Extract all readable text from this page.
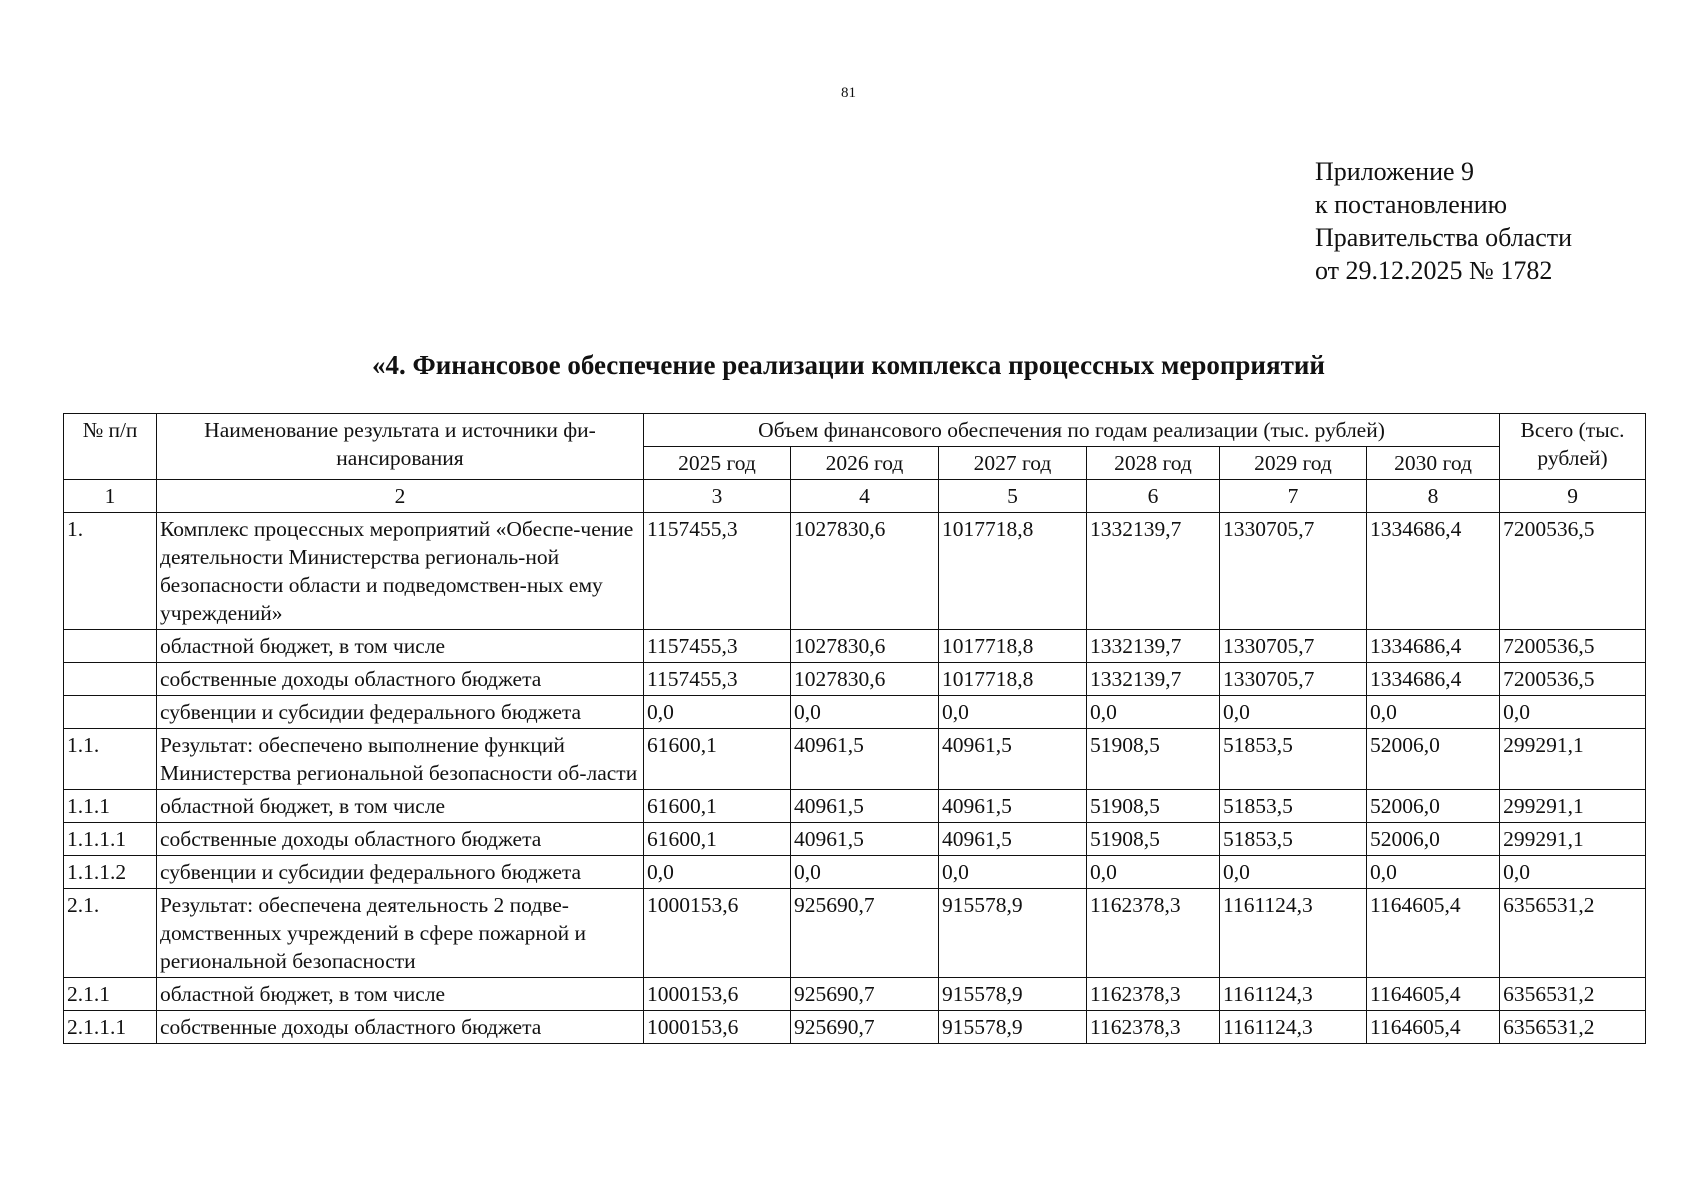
81
Приложение 9
к постановлению
Правительства области
от 29.12.2025 № 1782
«4. Финансовое обеспечение реализации комплекса процессных мероприятий
№ п/п	Наименование результата и источники фи-нансирования	Объем финансового обеспечения по годам реализации (тыс. рублей)						Всего (тыс. рублей)
		2025 год	2026 год	2027 год	2028 год	2029 год	2030 год	
1	2	3	4	5	6	7	8	9
1.	Комплекс процессных мероприятий «Обеспе-чение деятельности Министерства региональ-ной безопасности области и подведомствен-ных ему учреждений»	1157455,3	1027830,6	1017718,8	1332139,7	1330705,7	1334686,4	7200536,5
	областной бюджет, в том числе	1157455,3	1027830,6	1017718,8	1332139,7	1330705,7	1334686,4	7200536,5
	собственные доходы областного бюджета	1157455,3	1027830,6	1017718,8	1332139,7	1330705,7	1334686,4	7200536,5
	субвенции и субсидии федерального бюджета	0,0	0,0	0,0	0,0	0,0	0,0	0,0
1.1.	Результат: обеспечено выполнение функций Министерства региональной безопасности об-ласти	61600,1	40961,5	40961,5	51908,5	51853,5	52006,0	299291,1
1.1.1	областной бюджет, в том числе	61600,1	40961,5	40961,5	51908,5	51853,5	52006,0	299291,1
1.1.1.1	собственные доходы областного бюджета	61600,1	40961,5	40961,5	51908,5	51853,5	52006,0	299291,1
1.1.1.2	субвенции и субсидии федерального бюджета	0,0	0,0	0,0	0,0	0,0	0,0	0,0
2.1.	Результат: обеспечена деятельность 2 подве-домственных учреждений в сфере пожарной и региональной безопасности	1000153,6	925690,7	915578,9	1162378,3	1161124,3	1164605,4	6356531,2
2.1.1	областной бюджет, в том числе	1000153,6	925690,7	915578,9	1162378,3	1161124,3	1164605,4	6356531,2
2.1.1.1	собственные доходы областного бюджета	1000153,6	925690,7	915578,9	1162378,3	1161124,3	1164605,4	6356531,2
